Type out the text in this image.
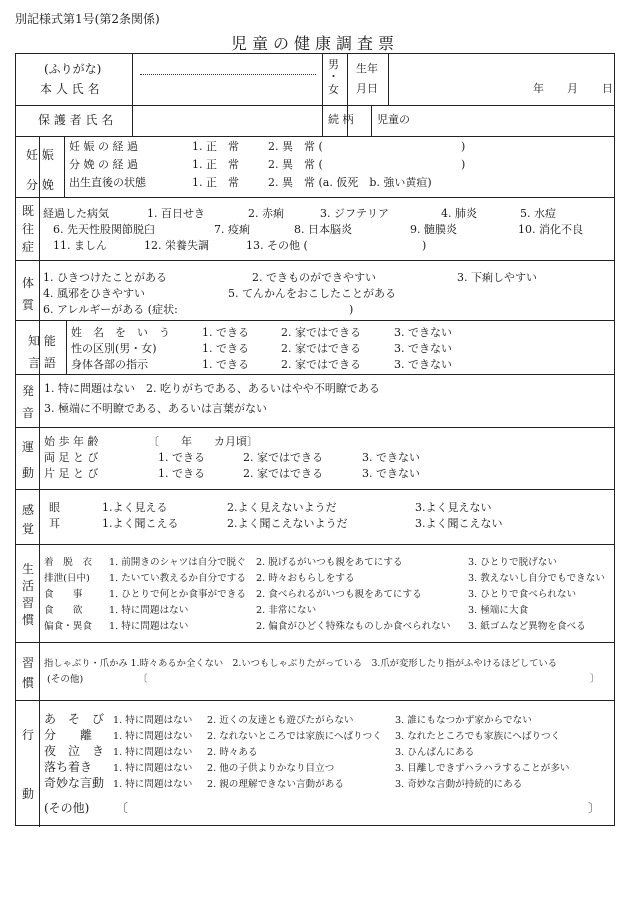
別記様式第1号(第2条関係)
児童の健康調査票
(ふりがな)
本 人 氏 名
男
・
女
生年
月日	年 月 日
保 護 者 氏 名	続 柄 児童の
妊 娠
分 娩
妊 娠 の 経 過	1. 正　常	2. 異　常 (	)
分 娩 の 経 過	1. 正　常	2. 異　常 (	)
出生直後の状態	1. 正　常	2. 異　常 (a. 仮死　b. 強い黄疸)
既
往
症
経過した病気	1. 百日せき	2. 赤痢	3. ジフテリア	4. 肺炎	5. 水痘
6. 先天性股関節脱臼	7. 疫痢	8. 日本脳炎	9. 髄膜炎	10. 消化不良
11. ましん	12. 栄養失調	13. その他 (	)
体
質
1. ひきつけたことがある	2. できものができやすい	3. 下痢しやすい
4. 風邪をひきやすい	5. てんかんをおこしたことがある
6. アレルギーがある (症状:	)
知 能
言 語
姓　名　を　い　う	1. できる	2. 家ではできる	3. できない
性の区別(男・女)	1. できる	2. 家ではできる	3. できない
身体各部の指示	1. できる	2. 家ではできる	3. できない
発
音
1. 特に問題はない　2. 吃りがちである、あるいはやや不明瞭である
3. 極端に不明瞭である、あるいは言葉がない
運
動
始 歩 年 齢	〔　　年　　カ月頃〕
両 足 と び	1. できる	2. 家ではできる	3. できない
片 足 と び	1. できる	2. 家ではできる	3. できない
感
覚
眼	1.よく見える	2.よく見えないようだ	3.よく見えない
耳	1.よく聞こえる	2.よく聞こえないようだ	3.よく聞こえない
生
活
習
慣
着　脱　衣 1. 前開きのシャツは自分で脱ぐ 2. 脱げるがいつも親をあてにする	3. ひとりで脱げない
排泄(日中) 1. たいてい教えるか自分でする 2. 時々おもらしをする	3. 教えないし自分でもできない
食　　事	1. ひとりで何とか食事ができる 2. 食べられるがいつも親をあてにする	3. ひとりで食べられない
食　　欲	1. 特に問題はない	2. 非常にない	3. 極端に大食
偏食・異食 1. 特に問題はない	2. 偏食がひどく特殊なものしか食べられない 3. 紙ゴムなど異物を食べる
習
慣
指しゃぶり・爪かみ 1.時々あるか全くない　2.いつもしゃぶりたがっている　3.爪が変形したり指がふやけるほどしている
(その他)	〔	〕
行
動
あ　そ　び 1. 特に問題はない 2. 近くの友達とも遊びたがらない	3. 誰にもなつかず家からでない
分　　離 1. 特に問題はない 2. なれないところでは家族にへばりつく 3. なれたところでも家族にへばりつく
夜　泣　き 1. 特に問題はない 2. 時々ある	3. ひんぱんにある
落ち着き 1. 特に問題はない 2. 他の子供よりかなり目立つ	3. 目離しできずハラハラすることが多い
奇妙な言動 1. 特に問題はない 2. 親の理解できない言動がある	3. 奇妙な言動が持続的にある
(その他) 〔	〕
